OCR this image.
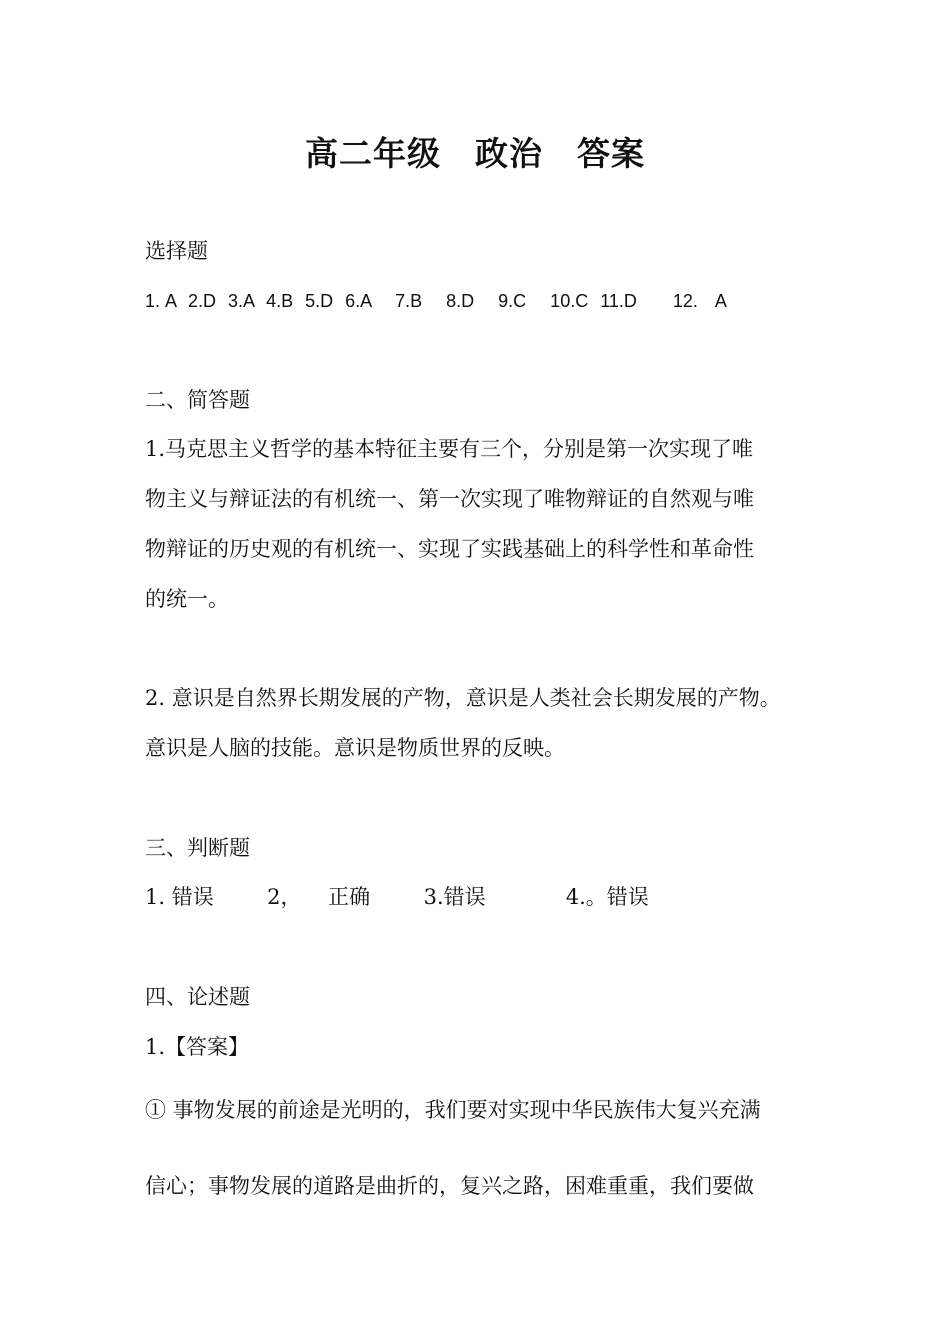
高二年级　政治　答案
选择题
1. A  2.D  3.A  4.B  5.D  6.A    7.B    8.D    9.C    10.C  11.D      12.   A
二、简答题
1.马克思主义哲学的基本特征主要有三个，分别是第一次实现了唯
物主义与辩证法的有机统一、第一次实现了唯物辩证的自然观与唯
物辩证的历史观的有机统一、实现了实践基础上的科学性和革命性
的统一。
2. 意识是自然界长期发展的产物，意识是人类社会长期发展的产物。
意识是人脑的技能。意识是物质世界的反映。
三、判断题
1. 错误        2，    正确        3.错误            4.。错误
四、论述题
1.【答案】
① 事物发展的前途是光明的，我们要对实现中华民族伟大复兴充满
信心；事物发展的道路是曲折的，复兴之路，困难重重，我们要做
